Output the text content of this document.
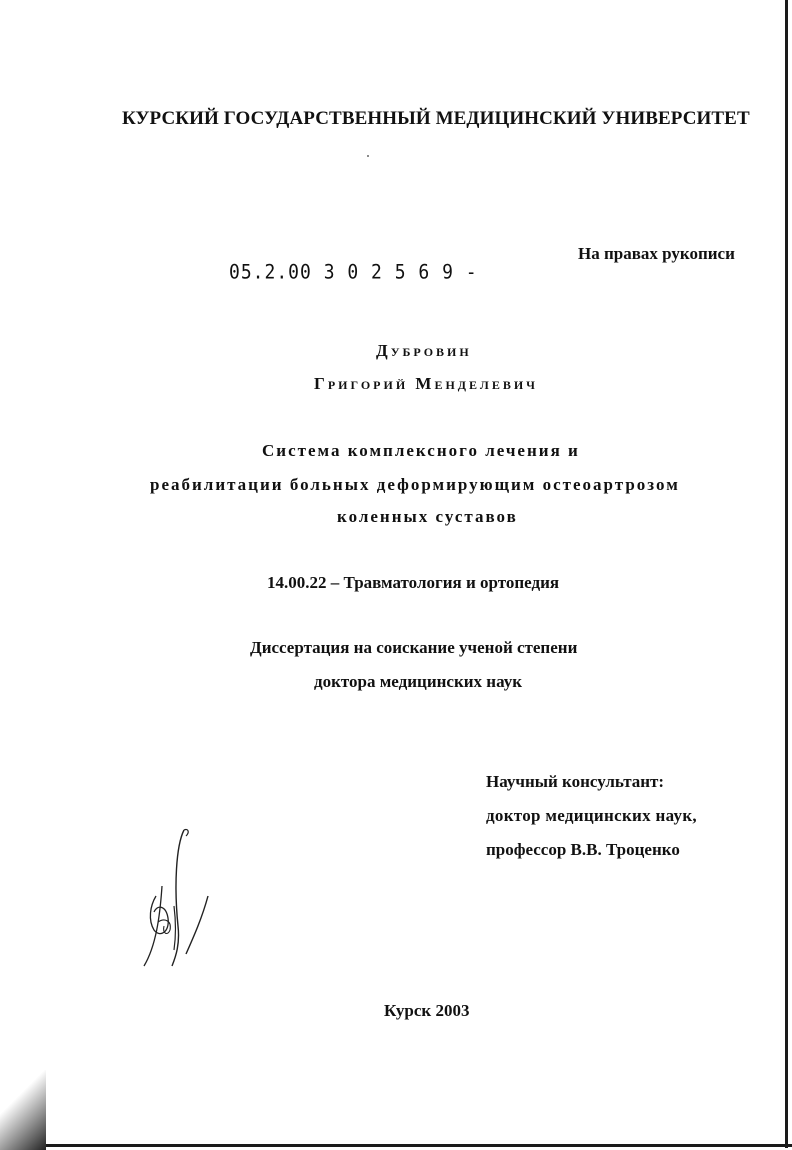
КУРСКИЙ ГОСУДАРСТВЕННЫЙ МЕДИЦИНСКИЙ УНИВЕРСИТЕТ
05.2.00 3 0 2 5 6 9 -
На правах рукописи
Дубровин
Григорий Менделевич
Система комплексного лечения и
реабилитации больных деформирующим остеоартрозом
коленных суставов
14.00.22 – Травматология и ортопедия
Диссертация на соискание ученой степени
доктора медицинских наук
Научный консультант:
доктор медицинских наук,
профессор В.В. Троценко
Курск 2003
